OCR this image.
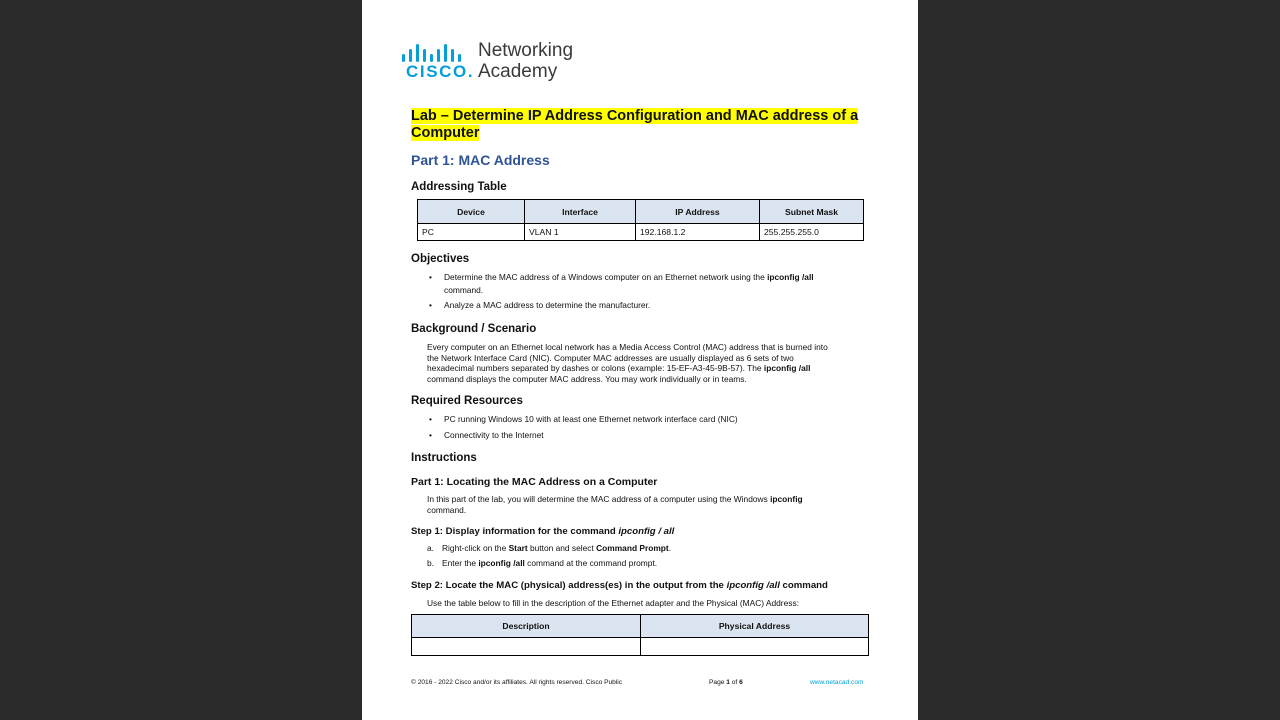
CISCO.
Networking
Academy
Lab – Determine IP Address Configuration and MAC address of a Computer
Part 1: MAC Address
Addressing Table
Device	Interface	IP Address	Subnet Mask
PC	VLAN 1	192.168.1.2	255.255.255.0
Objectives
• Determine the MAC address of a Windows computer on an Ethernet network using the ipconfig /all
command.
• Analyze a MAC address to determine the manufacturer.
Background / Scenario
Every computer on an Ethernet local network has a Media Access Control (MAC) address that is burned into
the Network Interface Card (NIC). Computer MAC addresses are usually displayed as 6 sets of two
hexadecimal numbers separated by dashes or colons (example: 15-EF-A3-45-9B-57). The ipconfig /all
command displays the computer MAC address. You may work individually or in teams.
Required Resources
• PC running Windows 10 with at least one Ethernet network interface card (NIC)
• Connectivity to the Internet
Instructions
Part 1: Locating the MAC Address on a Computer
In this part of the lab, you will determine the MAC address of a computer using the Windows ipconfig
command.
Step 1: Display information for the command ipconfig / all
a. Right-click on the Start button and select Command Prompt.
b. Enter the ipconfig /all command at the command prompt.
Step 2: Locate the MAC (physical) address(es) in the output from the ipconfig /all command
Use the table below to fill in the description of the Ethernet adapter and the Physical (MAC) Address:
Description	Physical Address

© 2016 - 2022 Cisco and/or its affiliates. All rights reserved. Cisco Public	Page 1 of 6	www.netacad.com
